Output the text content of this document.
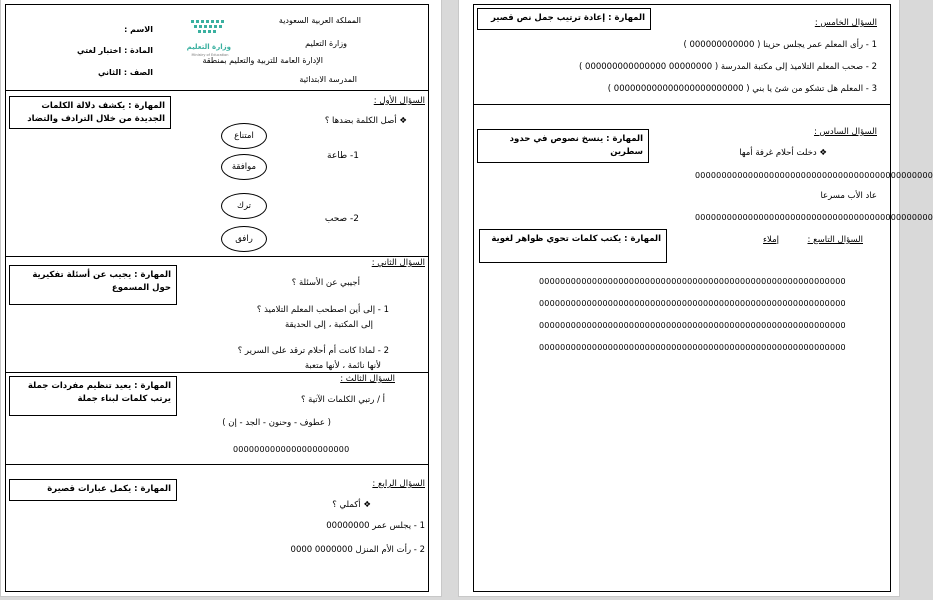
المملكة العربية السعودية
وزارة التعليم
الإدارة العامة للتربية والتعليم بمنطقة
المدرسة الابتدائية
وزارة التعليم
Ministry of Education
الاسم :
المادة : اختبار لغتي
الصف : الثاني
المهارة : يكشف دلالة الكلمات الجديدة من خلال الترادف والتضاد
السؤال الأول :
❖ أصل الكلمة بضدها ؟
1- طاعة
2- صحب
امتناع
موافقة
ترك
رافق
المهارة : يجيب عن أسئلة تفكيرية حول المسموع
السؤال الثاني :
أجيبي عن الأسئلة ؟
1 - إلى أين اصطحب المعلم التلاميذ ؟
إلى المكتبة ، إلى الحديقة
2 - لماذا كانت أم أحلام ترقد على السرير ؟
لأنها نائمة ، لأنها متعبة
المهارة : يعيد تنظيم مفردات جملة يرتب كلمات لبناء جملة
السؤال الثالث :
أ / رتبي الكلمات الآتية ؟
( عطوف - وحنون - الجد - إن )
0000000000000000000000
المهارة : يكمل عبارات قصيرة	السؤال الرابع :
❖ أكملي ؟
1 - يجلس عمر 00000000
2 - رأت الأم المنزل 0000000 0000
المهارة : إعادة ترتيب جمل نص قصير	السؤال الخامس :
1 - رأى المعلم عمر يجلس حزينا ( 000000000000 )
2 - صحب المعلم التلاميذ إلى مكتبة المدرسة ( 00000000 000000000000000 )
3 - المعلم هل تشكو من شئ يا بني ( 000000000000000000000000 )
المهارة : ينسخ نصوص في حدود سطرين
السؤال السادس :
❖ دخلت أحلام غرفة أمها
000000000000000000000000000000000000000000000
عاد الأب مسرعا
000000000000000000000000000000000000000000000
المهارة : يكتب كلمات تحوي ظواهر لغوية	السؤال التاسع :
إملاء
0000000000000000000000000000000000000000000000000000000000
0000000000000000000000000000000000000000000000000000000000
0000000000000000000000000000000000000000000000000000000000
0000000000000000000000000000000000000000000000000000000000
